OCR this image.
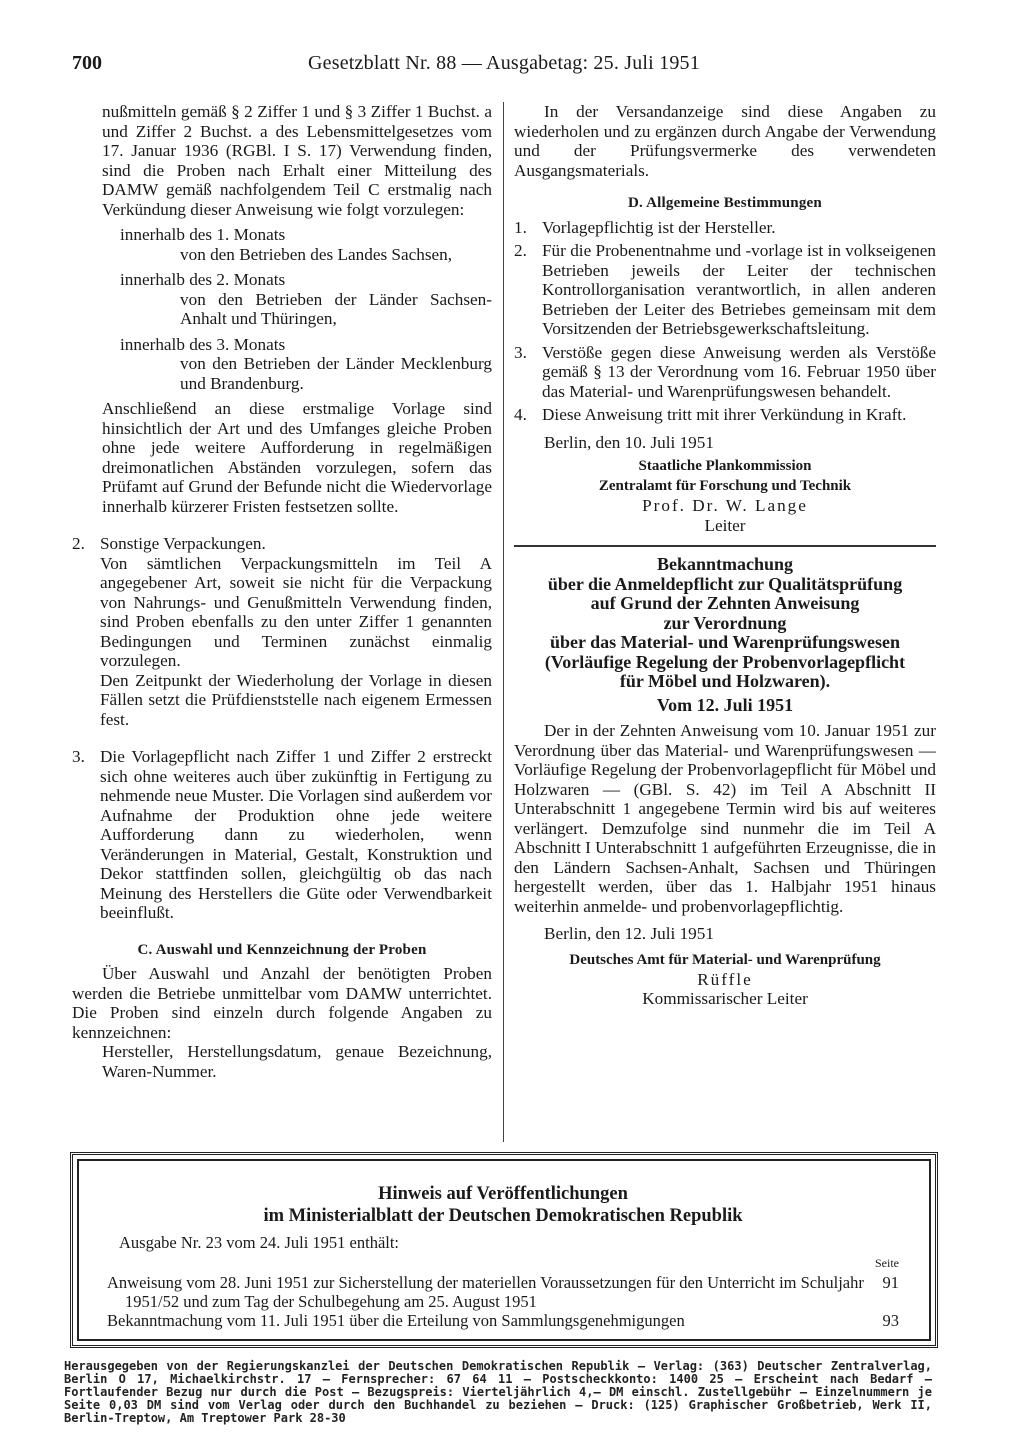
700	Gesetzblatt Nr. 88 — Ausgabetag: 25. Juli 1951

nußmitteln gemäß § 2 Ziffer 1 und § 3 Ziffer 1 Buchst. a und Ziffer 2 Buchst. a des Lebensmittelgesetzes vom 17. Januar 1936 (RGBl. I S. 17) Verwendung finden, sind die Proben nach Erhalt einer Mitteilung des DAMW gemäß nachfolgendem Teil C erstmalig nach Verkündung dieser Anweisung wie folgt vorzulegen:

innerhalb des 1. Monats
von den Betrieben des Landes Sachsen,
innerhalb des 2. Monats
von den Betrieben der Länder Sachsen-Anhalt und Thüringen,
innerhalb des 3. Monats
von den Betrieben der Länder Mecklenburg und Brandenburg.

Anschließend an diese erstmalige Vorlage sind hinsichtlich der Art und des Umfanges gleiche Proben ohne jede weitere Aufforderung in regelmäßigen dreimonatlichen Abständen vorzulegen, sofern das Prüfamt auf Grund der Befunde nicht die Wiedervorlage innerhalb kürzerer Fristen festsetzen sollte.

2. Sonstige Verpackungen.

Von sämtlichen Verpackungsmitteln im Teil A angegebener Art, soweit sie nicht für die Verpackung von Nahrungs- und Genußmitteln Verwendung finden, sind Proben ebenfalls zu den unter Ziffer 1 genannten Bedingungen und Terminen zunächst einmalig vorzulegen.

Den Zeitpunkt der Wiederholung der Vorlage in diesen Fällen setzt die Prüfdienststelle nach eigenem Ermessen fest.

3. Die Vorlagepflicht nach Ziffer 1 und Ziffer 2 erstreckt sich ohne weiteres auch über zukünftig in Fertigung zu nehmende neue Muster. Die Vorlagen sind außerdem vor Aufnahme der Produktion ohne jede weitere Aufforderung dann zu wiederholen, wenn Veränderungen in Material, Gestalt, Konstruktion und Dekor stattfinden sollen, gleichgültig ob das nach Meinung des Herstellers die Güte oder Verwendbarkeit beeinflußt.

C. Auswahl und Kennzeichnung der Proben

Über Auswahl und Anzahl der benötigten Proben werden die Betriebe unmittelbar vom DAMW unterrichtet. Die Proben sind einzeln durch folgende Angaben zu kennzeichnen:

Hersteller, Herstellungsdatum, genaue Bezeichnung, Waren-Nummer.

In der Versandanzeige sind diese Angaben zu wiederholen und zu ergänzen durch Angabe der Verwendung und der Prüfungsvermerke des verwendeten Ausgangsmaterials.

D. Allgemeine Bestimmungen

1. Vorlagepflichtig ist der Hersteller.
2. Für die Probenentnahme und -vorlage ist in volkseigenen Betrieben jeweils der Leiter der technischen Kontrollorganisation verantwortlich, in allen anderen Betrieben der Leiter des Betriebes gemeinsam mit dem Vorsitzenden der Betriebsgewerkschaftsleitung.
3. Verstöße gegen diese Anweisung werden als Verstöße gemäß § 13 der Verordnung vom 16. Februar 1950 über das Material- und Warenprüfungswesen behandelt.
4. Diese Anweisung tritt mit ihrer Verkündung in Kraft.

Berlin, den 10. Juli 1951

Staatliche Plankommission

Zentralamt für Forschung und Technik

Prof. Dr. W. Lange

Leiter

Bekanntmachung

über die Anmeldepflicht zur Qualitätsprüfung

auf Grund der Zehnten Anweisung

zur Verordnung

über das Material- und Warenprüfungswesen

(Vorläufige Regelung der Probenvorlagepflicht

für Möbel und Holzwaren).

Vom 12. Juli 1951

Der in der Zehnten Anweisung vom 10. Januar 1951 zur Verordnung über das Material- und Warenprüfungswesen — Vorläufige Regelung der Probenvorlagepflicht für Möbel und Holzwaren — (GBl. S. 42) im Teil A Abschnitt II Unterabschnitt 1 angegebene Termin wird bis auf weiteres verlängert. Demzufolge sind nunmehr die im Teil A Abschnitt I Unterabschnitt 1 aufgeführten Erzeugnisse, die in den Ländern Sachsen-Anhalt, Sachsen und Thüringen hergestellt werden, über das 1. Halbjahr 1951 hinaus weiterhin anmelde- und probenvorlagepflichtig.

Berlin, den 12. Juli 1951

Deutsches Amt für Material- und Warenprüfung

Rüffle

Kommissarischer Leiter

Hinweis auf Veröffentlichungen

im Ministerialblatt der Deutschen Demokratischen Republik

Ausgabe Nr. 23 vom 24. Juli 1951 enthält:

Seite

Anweisung vom 28. Juni 1951 zur Sicherstellung der materiellen Voraussetzungen für den Unterricht im Schuljahr 1951/52 und zum Tag der Schulbegehung am 25. August 1951
91
Bekanntmachung vom 11. Juli 1951 über die Erteilung von Sammlungsgenehmigungen	93

Herausgegeben von der Regierungskanzlei der Deutschen Demokratischen Republik — Verlag: (363) Deutscher Zentralverlag, Berlin O 17, Michaelkirchstr. 17 — Fernsprecher: 67 64 11 — Postscheckkonto: 1400 25 — Erscheint nach Bedarf — Fortlaufender Bezug nur durch die Post — Bezugspreis: Vierteljährlich 4,— DM einschl. Zustellgebühr — Einzelnummern je Seite 0,03 DM sind vom Verlag oder durch den Buchhandel zu beziehen — Druck: (125) Graphischer Großbetrieb, Werk II, Berlin-Treptow, Am Treptower Park 28-30
